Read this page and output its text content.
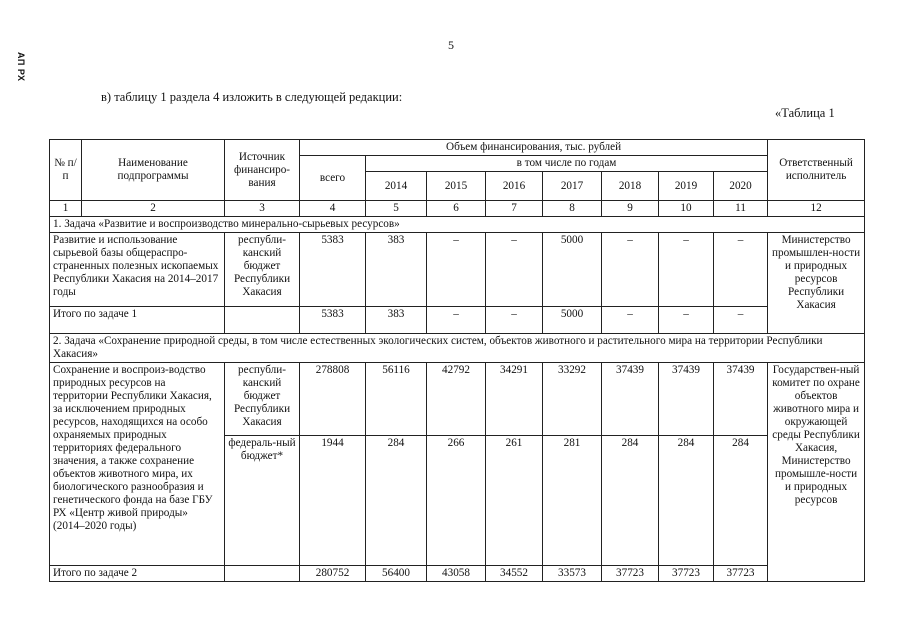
АП РХ
5
в) таблицу 1 раздела 4 изложить в следующей редакции:
«Таблица 1
№ п/п	Наименование подпрограммы	Источник финансиро-вания	Объем финансирования, тыс. рублей								Ответственный исполнитель
			всего	в том числе по годам							
				2014	2015	2016	2017	2018	2019	2020	
1	2	3	4	5	6	7	8	9	10	11	12
1. Задача «Развитие и воспроизводство минерально-сырьевых ресурсов»											
Развитие и использование сырьевой базы общераспро-страненных полезных ископаемых Республики Хакасия на 2014–2017 годы		республи-канский бюджет Республики Хакасия	5383	383	–	–	5000	–	–	–	Министерство промышлен-ности и природных ресурсов Республики Хакасия
Итого по задаче 1			5383	383	–	–	5000	–	–	–	
2. Задача «Сохранение природной среды, в том числе естественных экологических систем, объектов животного и растительного мира на территории Республики Хакасия»											
Сохранение и воспроиз-водство природных ресурсов на территории Республики Хакасия, за исключением природных ресурсов, находящихся на особо охраняемых природных территориях федерального значения, а также сохранение объектов животного мира, их биологического разнообразия и генетического фонда на базе ГБУ РХ «Центр живой природы» (2014–2020 годы)		республи-канский бюджет Республики Хакасия	278808	56116	42792	34291	33292	37439	37439	37439	Государствен-ный комитет по охране объектов животного мира и окружающей среды Республики Хакасия, Министерство промышле-ности и природных ресурсов
		федераль-ный бюджет*	1944	284	266	261	281	284	284	284	
Итого по задаче 2			280752	56400	43058	34552	33573	37723	37723	37723	
